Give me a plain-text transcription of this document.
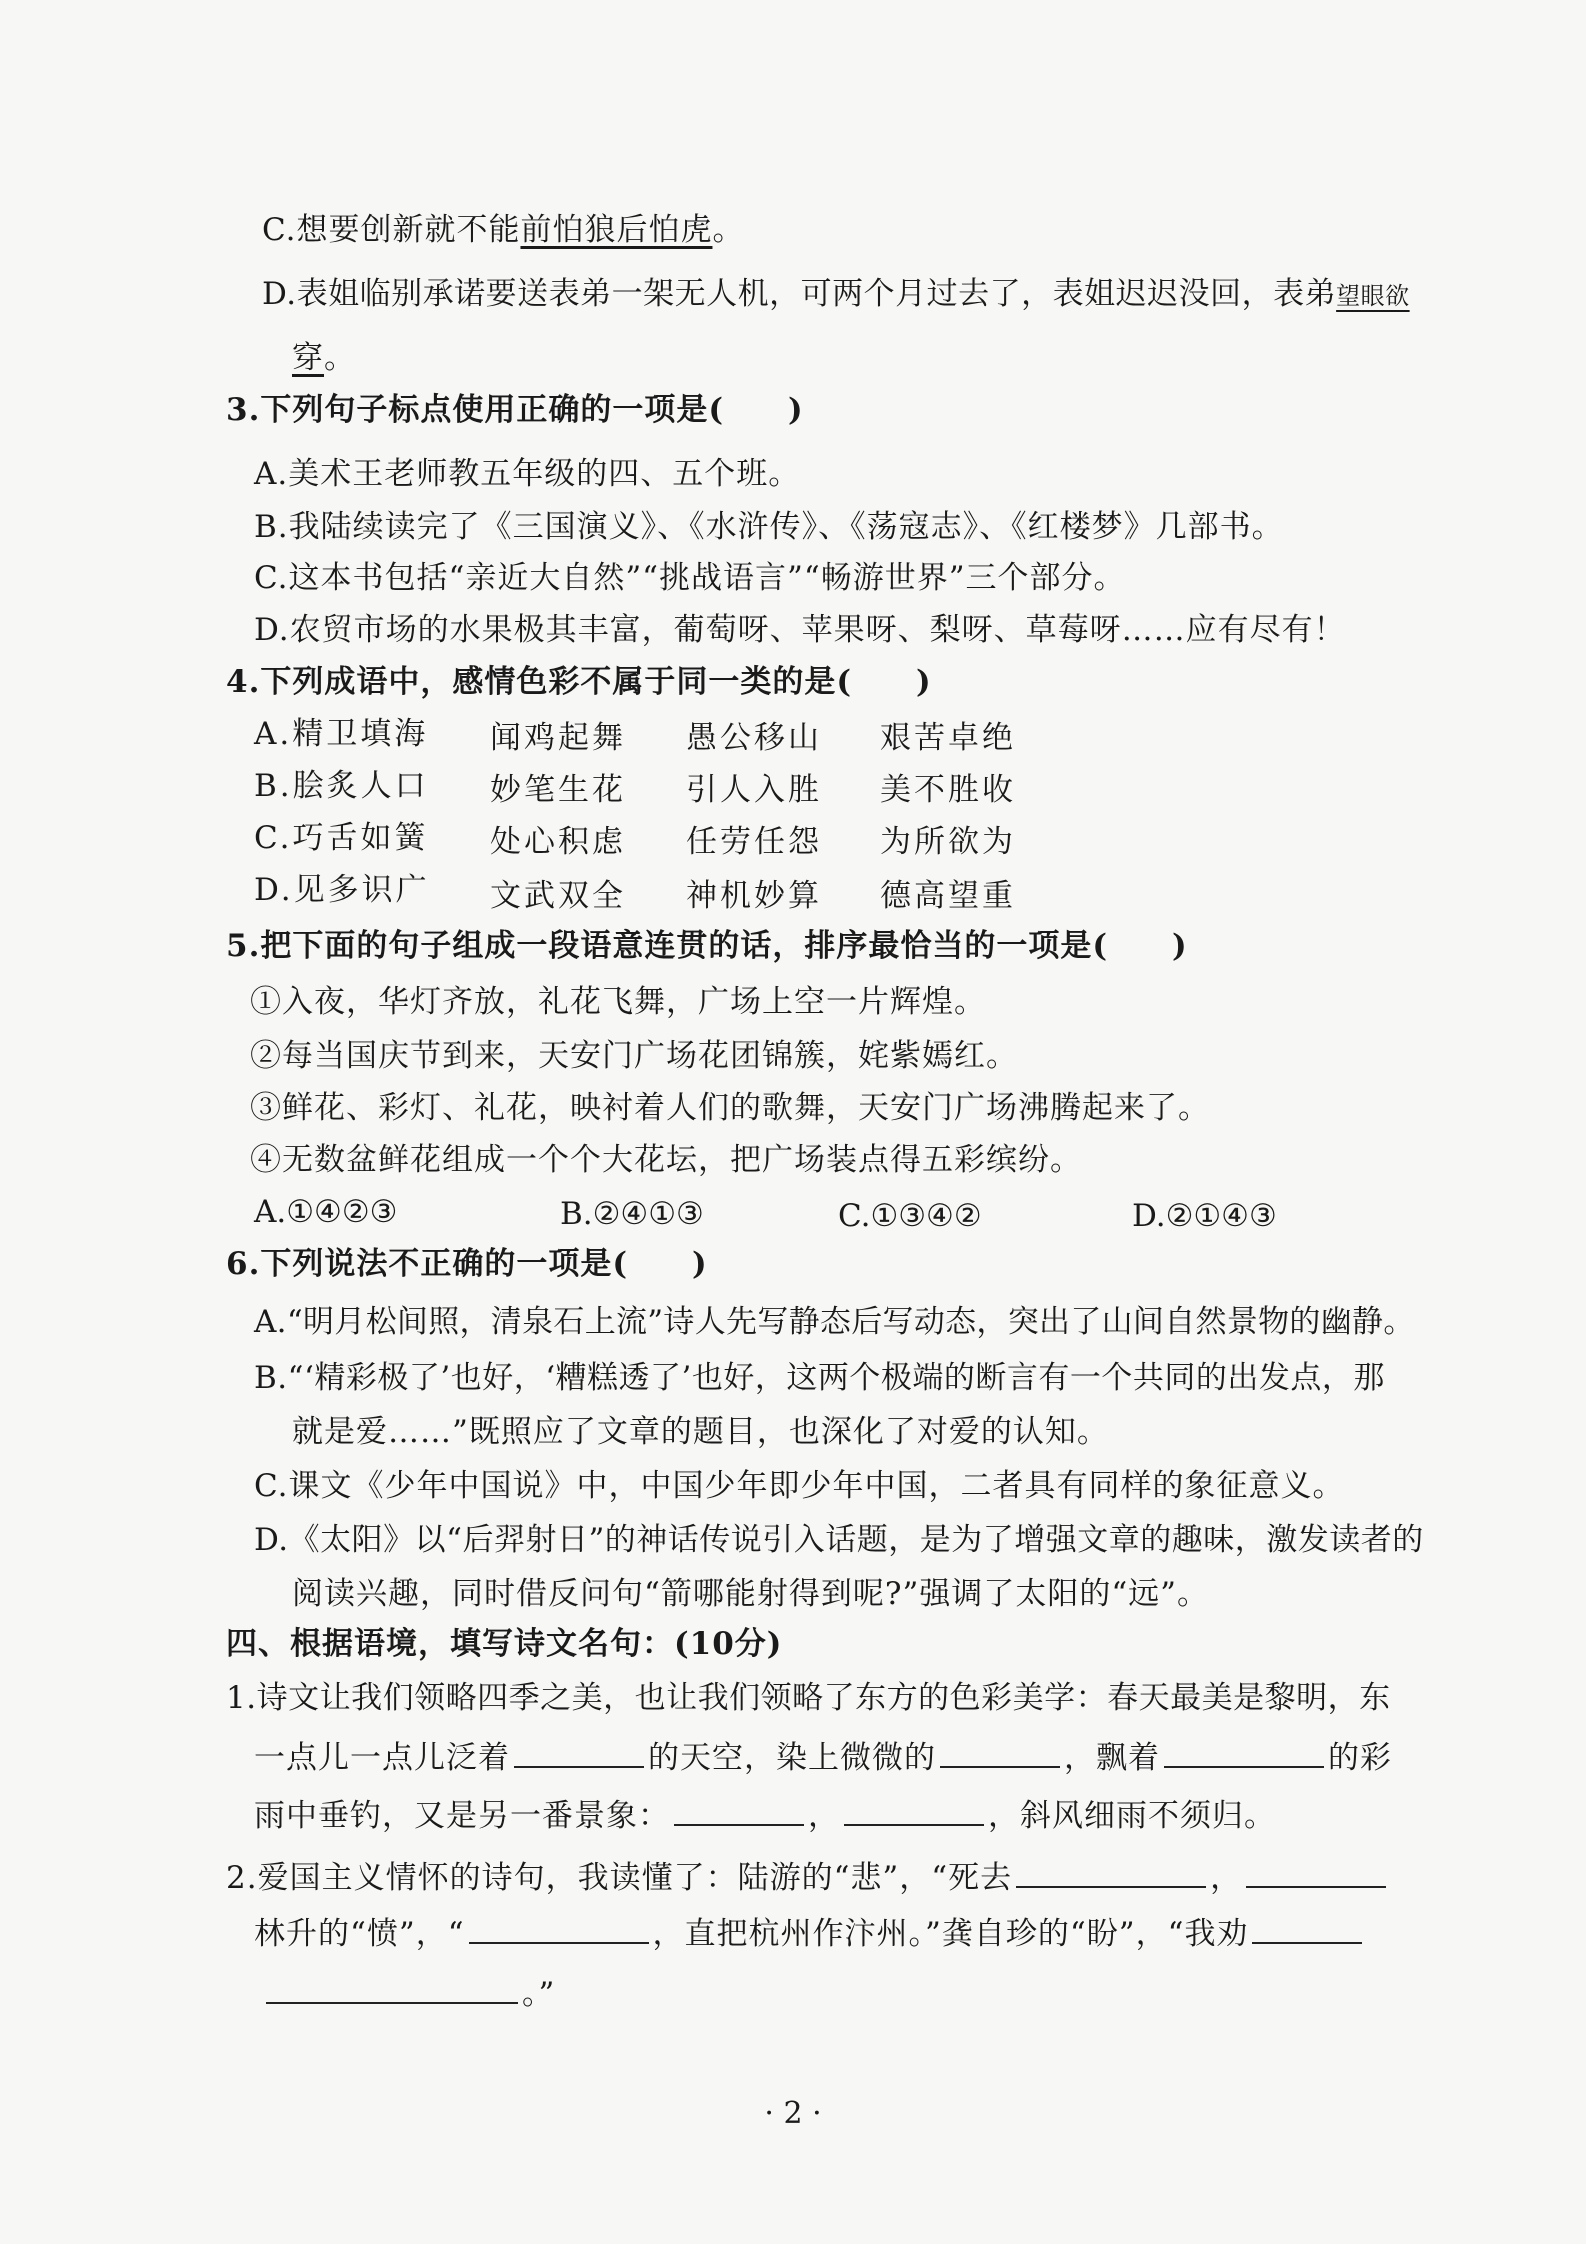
C.想要创新就不能前怕狼后怕虎。
D.表姐临别承诺要送表弟一架无人机，可两个月过去了，表姐迟迟没回，表弟望眼欲
穿。
3.下列句子标点使用正确的一项是(　　)
A.美术王老师教五年级的四、五个班。
B.我陆续读完了《三国演义》、《水浒传》、《荡寇志》、《红楼梦》几部书。
C.这本书包括“亲近大自然”“挑战语言”“畅游世界”三个部分。
D.农贸市场的水果极其丰富，葡萄呀、苹果呀、梨呀、草莓呀……应有尽有！
4.下列成语中，感情色彩不属于同一类的是(　　)
A.精卫填海 闻鸡起舞 愚公移山 艰苦卓绝
B.脍炙人口 妙笔生花 引人入胜 美不胜收
C.巧舌如簧 处心积虑 任劳任怨 为所欲为
D.见多识广 文武双全 神机妙算 德高望重
5.把下面的句子组成一段语意连贯的话，排序最恰当的一项是(　　)
①入夜，华灯齐放，礼花飞舞，广场上空一片辉煌。
②每当国庆节到来，天安门广场花团锦簇，姹紫嫣红。
③鲜花、彩灯、礼花，映衬着人们的歌舞，天安门广场沸腾起来了。
④无数盆鲜花组成一个个大花坛，把广场装点得五彩缤纷。
A.①④②③	B.②④①③	C.①③④②	D.②①④③
6.下列说法不正确的一项是(　　)
A.“明月松间照，清泉石上流”诗人先写静态后写动态，突出了山间自然景物的幽静。
B.“‘精彩极了’也好，‘糟糕透了’也好，这两个极端的断言有一个共同的出发点，那
就是爱……”既照应了文章的题目，也深化了对爱的认知。
C.课文《少年中国说》中，中国少年即少年中国，二者具有同样的象征意义。
D.《太阳》以“后羿射日”的神话传说引入话题，是为了增强文章的趣味，激发读者的
阅读兴趣，同时借反问句“箭哪能射得到呢?”强调了太阳的“远”。
四、根据语境，填写诗文名句：(10分)
1.诗文让我们领略四季之美，也让我们领略了东方的色彩美学：春天最美是黎明，东
一点儿一点儿泛着	的天空，染上微微的	，飘着	的彩
雨中垂钓，又是另一番景象：	，	，斜风细雨不须归。
2.爱国主义情怀的诗句，我读懂了：陆游的“悲”，“死去	，
林升的“愤”，“	，直把杭州作汴州。”龚自珍的“盼”，“我劝
。”
· 2 ·
